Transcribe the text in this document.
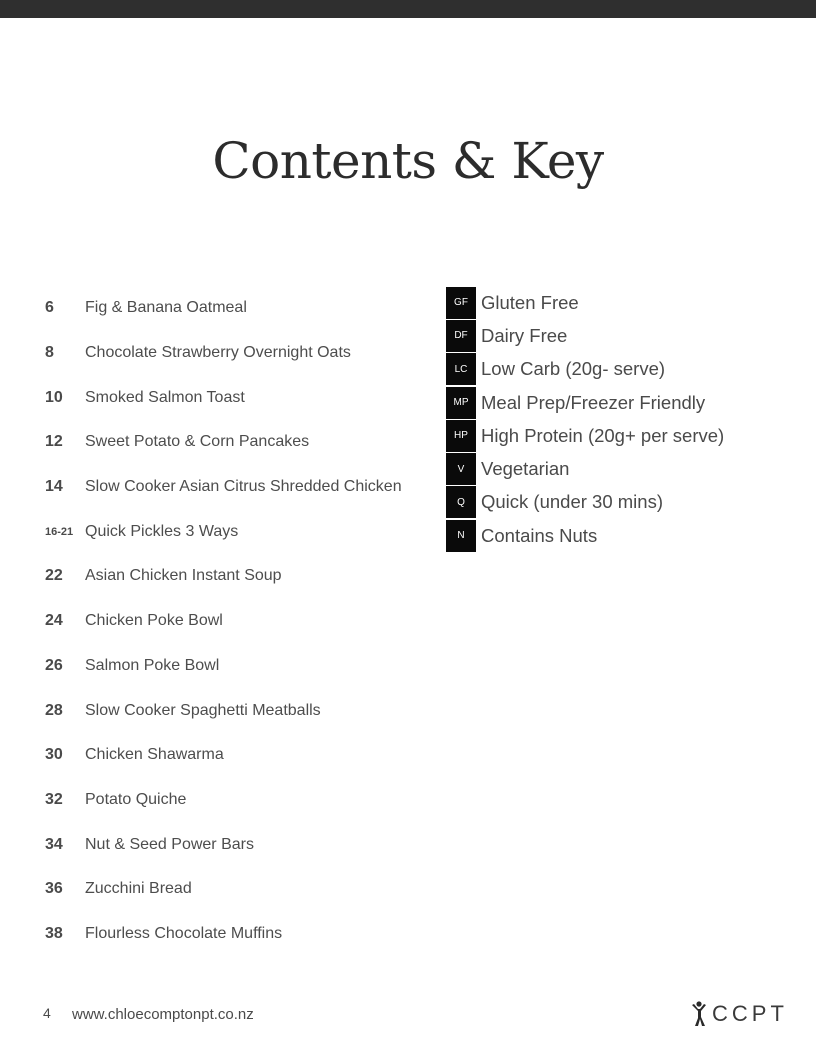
Contents & Key
6	Fig & Banana Oatmeal
8	Chocolate Strawberry Overnight Oats
10	Smoked Salmon Toast
12	Sweet Potato & Corn Pancakes
14	Slow Cooker Asian Citrus Shredded Chicken
16-21 Quick Pickles 3 Ways
22	Asian Chicken Instant Soup
24	Chicken Poke Bowl
26	Salmon Poke Bowl
28	Slow Cooker Spaghetti Meatballs
30	Chicken Shawarma
32	Potato Quiche
34	Nut & Seed Power Bars
36	Zucchini Bread
38	Flourless Chocolate Muffins
GF Gluten Free
DF Dairy Free
LC Low Carb (20g- serve)
MP Meal Prep/Freezer Friendly
HP High Protein (20g+ per serve)
V Vegetarian
Q Quick (under 30 mins)
N Contains Nuts
4 www.chloecomptonpt.co.nz	CCPT
